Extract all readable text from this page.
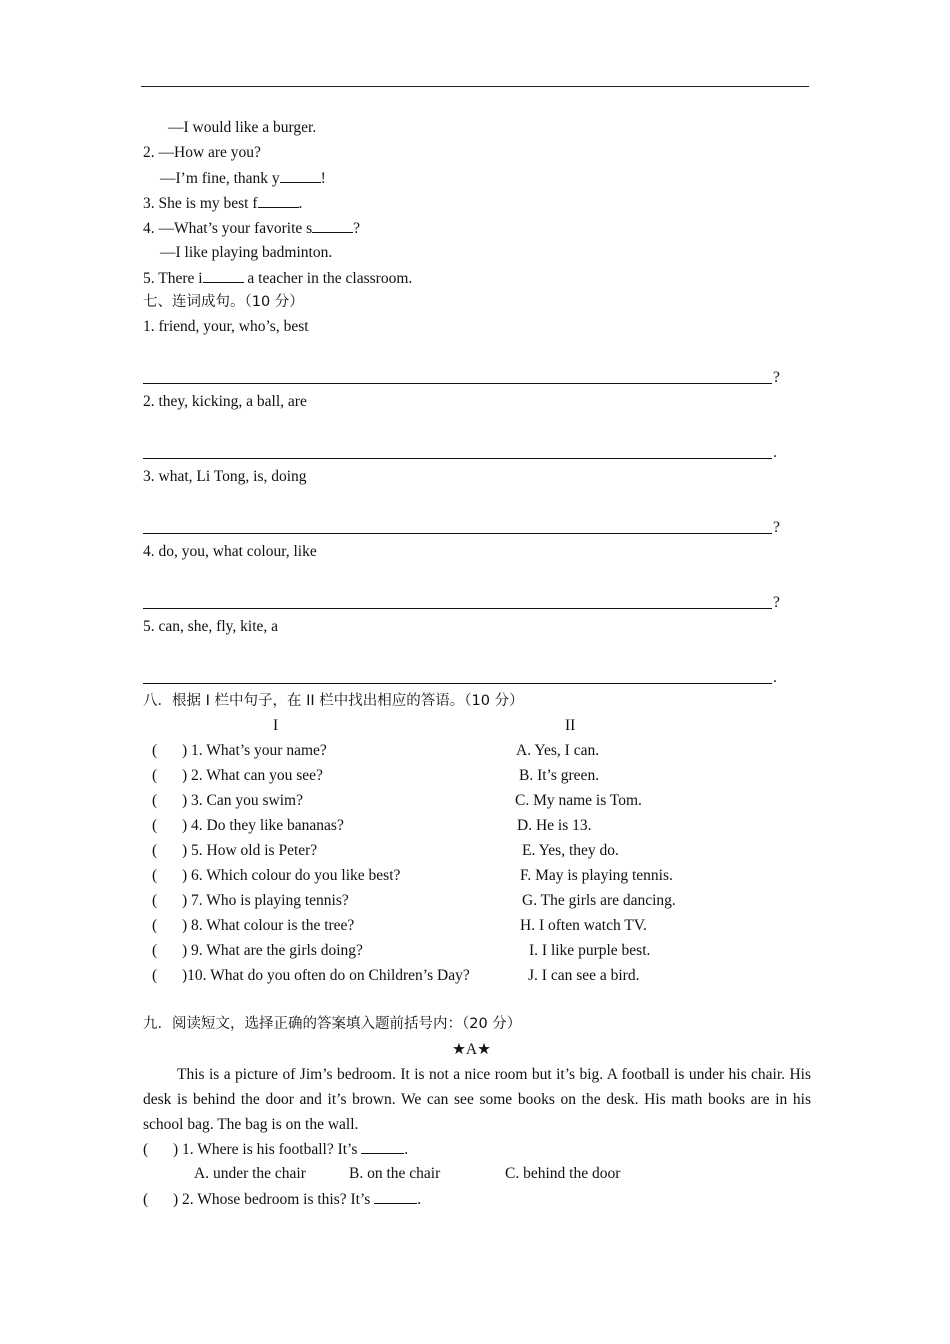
—I would like a burger.
2. —How are you?
—I’m fine, thank y	!
3. She is my best f	.
4. —What’s your favorite s	?
—I like playing badminton.
5. There i	a teacher in the classroom.
七、连词成句。（10 分）
1. friend, your, who’s, best
?
2. they, kicking, a ball, are
.
3. what, Li Tong, is, doing
?
4. do, you, what colour, like
?
5. can, she, fly, kite, a
.
八．根据 I 栏中句子，在 II 栏中找出相应的答语。（10 分）
I	II
( ) 1. What’s your name?	A. Yes, I can.
( ) 2. What can you see?	B. It’s green.
( ) 3. Can you swim?	C. My name is Tom.
( ) 4. Do they like bananas?	D. He is 13.
( ) 5. How old is Peter?	E. Yes, they do.
( ) 6. Which colour do you like best?	F. May is playing tennis.
( ) 7. Who is playing tennis?	G. The girls are dancing.
( ) 8. What colour is the tree?	H. I often watch TV.
( ) 9. What are the girls doing?	I. I like purple best.
( )10. What do you often do on Children’s Day?	J. I can see a bird.
九．阅读短文，选择正确的答案填入题前括号内：（20 分）
★A★
This is a picture of Jim’s bedroom. It is not a nice room but it’s big. A football is under his chair. His desk is behind the door and it’s brown. We can see some books on the desk. His math books are in his school bag. The bag is on the wall.
( ) 1. Where is his football? It’s	.
A. under the chair	B. on the chair	C. behind the door
( ) 2. Whose bedroom is this? It’s	.
